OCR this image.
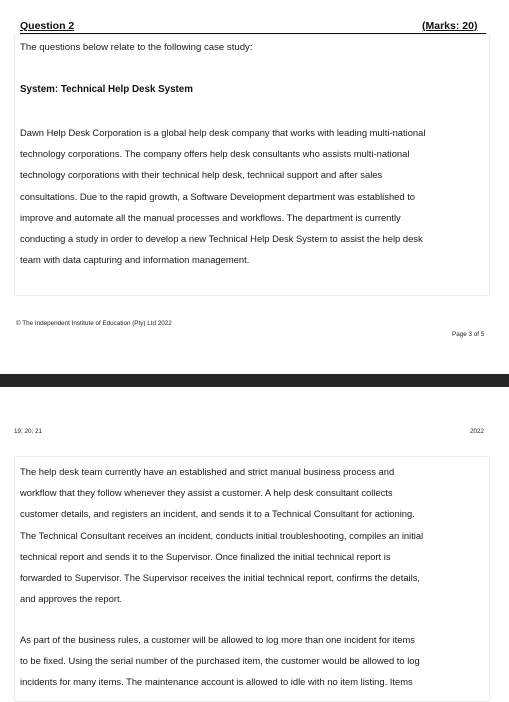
Question 2	(Marks: 20)
The questions below relate to the following case study:
System: Technical Help Desk System
Dawn Help Desk Corporation is a global help desk company that works with leading multi-national
technology corporations. The company offers help desk consultants who assists multi-national
technology corporations with their technical help desk, technical support and after sales
consultations. Due to the rapid growth, a Software Development department was established to
improve and automate all the manual processes and workflows. The department is currently
conducting a study in order to develop a new Technical Help Desk System to assist the help desk
team with data capturing and information management.
© The Independent Institute of Education (Pty) Ltd 2022
Page 3 of 5
19; 20; 21	2022
The help desk team currently have an established and strict manual business process and
workflow that they follow whenever they assist a customer. A help desk consultant collects
customer details, and registers an incident, and sends it to a Technical Consultant for actioning.
The Technical Consultant receives an incident, conducts initial troubleshooting, compiles an initial
technical report and sends it to the Supervisor. Once finalized the initial technical report is
forwarded to Supervisor. The Supervisor receives the initial technical report, confirms the details,
and approves the report.
As part of the business rules, a customer will be allowed to log more than one incident for items
to be fixed. Using the serial number of the purchased item, the customer would be allowed to log
incidents for many items. The maintenance account is allowed to idle with no item listing. Items
